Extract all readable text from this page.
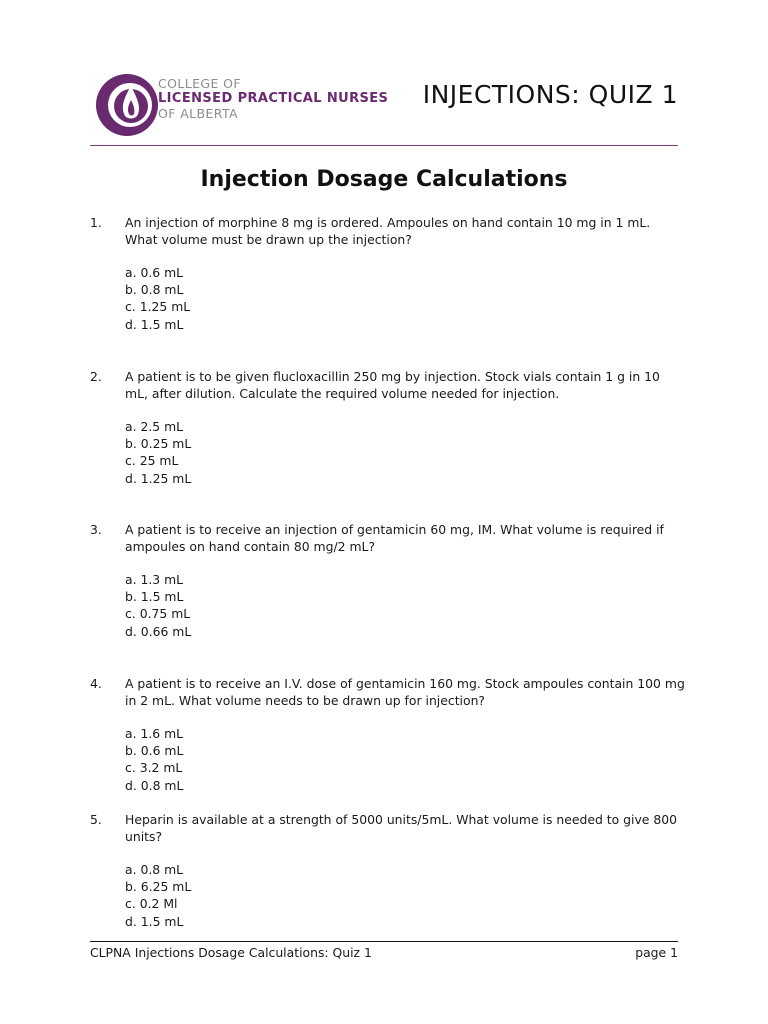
COLLEGE OF
LICENSED PRACTICAL NURSES
OF ALBERTA
INJECTIONS: QUIZ 1
Injection Dosage Calculations
1. An injection of morphine 8 mg is ordered. Ampoules on hand contain 10 mg in 1 mL. What volume must be drawn up the injection?
a. 0.6 mL
b. 0.8 mL
c. 1.25 mL
d. 1.5 mL
2. A patient is to be given flucloxacillin 250 mg by injection. Stock vials contain 1 g in 10 mL, after dilution. Calculate the required volume needed for injection.
a. 2.5 mL
b. 0.25 mL
c. 25 mL
d. 1.25 mL
3. A patient is to receive an injection of gentamicin 60 mg, IM. What volume is required if ampoules on hand contain 80 mg/2 mL?
a. 1.3 mL
b. 1.5 mL
c. 0.75 mL
d. 0.66 mL
4. A patient is to receive an I.V. dose of gentamicin 160 mg. Stock ampoules contain 100 mg in 2 mL. What volume needs to be drawn up for injection?
a. 1.6 mL
b. 0.6 mL
c. 3.2 mL
d. 0.8 mL
5. Heparin is available at a strength of 5000 units/5mL. What volume is needed to give 800 units?
a. 0.8 mL
b. 6.25 mL
c. 0.2 Ml
d. 1.5 mL
CLPNA Injections Dosage Calculations: Quiz 1	page 1
